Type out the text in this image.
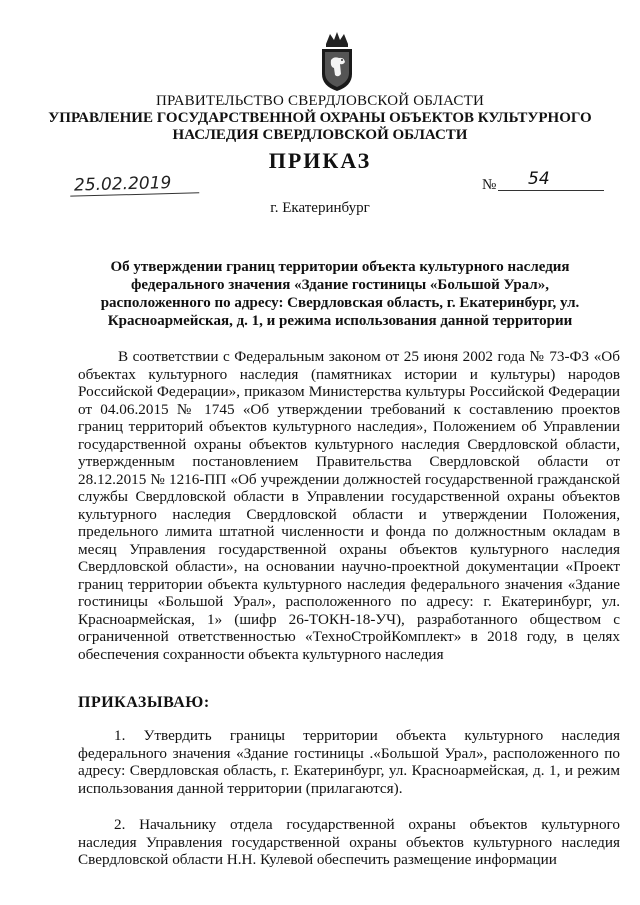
ПРАВИТЕЛЬСТВО СВЕРДЛОВСКОЙ ОБЛАСТИ
УПРАВЛЕНИЕ ГОСУДАРСТВЕННОЙ ОХРАНЫ ОБЪЕКТОВ КУЛЬТУРНОГО НАСЛЕДИЯ СВЕРДЛОВСКОЙ ОБЛАСТИ
ПРИКАЗ
25.02.2019	№	54
г. Екатеринбург
Об утверждении границ территории объекта культурного наследия федерального значения «Здание гостиницы «Большой Урал», расположенного по адресу: Свердловская область, г. Екатеринбург, ул. Красноармейская, д. 1, и режима использования данной территории

В соответствии с Федеральным законом от 25 июня 2002 года № 73-ФЗ «Об объектах культурного наследия (памятниках истории и культуры) народов Российской Федерации», приказом Министерства культуры Российской Федерации от 04.06.2015 № 1745 «Об утверждении требований к составлению проектов границ территорий объектов культурного наследия», Положением об Управлении государственной охраны объектов культурного наследия Свердловской области, утвержденным постановлением Правительства Свердловской области от 28.12.2015 № 1216-ПП «Об учреждении должностей государственной гражданской службы Свердловской области в Управлении государственной охраны объектов культурного наследия Свердловской области и утверждении Положения, предельного лимита штатной численности и фонда по должностным окладам в месяц Управления государственной охраны объектов культурного наследия Свердловской области», на основании научно-проектной документации «Проект границ территории объекта культурного наследия федерального значения «Здание гостиницы «Большой Урал», расположенного по адресу: г. Екатеринбург, ул. Красноармейская, 1» (шифр 26-ТОКН-18-УЧ), разработанного обществом с ограниченной ответственностью «ТехноСтройКомплект» в 2018 году, в целях обеспечения сохранности объекта культурного наследия

ПРИКАЗЫВАЮ:

1. Утвердить границы территории объекта культурного наследия федерального значения «Здание гостиницы .«Большой Урал», расположенного по адресу: Свердловская область, г. Екатеринбург, ул. Красноармейская, д. 1, и режим использования данной территории (прилагаются).

2. Начальнику отдела государственной охраны объектов культурного наследия Управления государственной охраны объектов культурного наследия Свердловской области Н.Н. Кулевой обеспечить размещение информации
